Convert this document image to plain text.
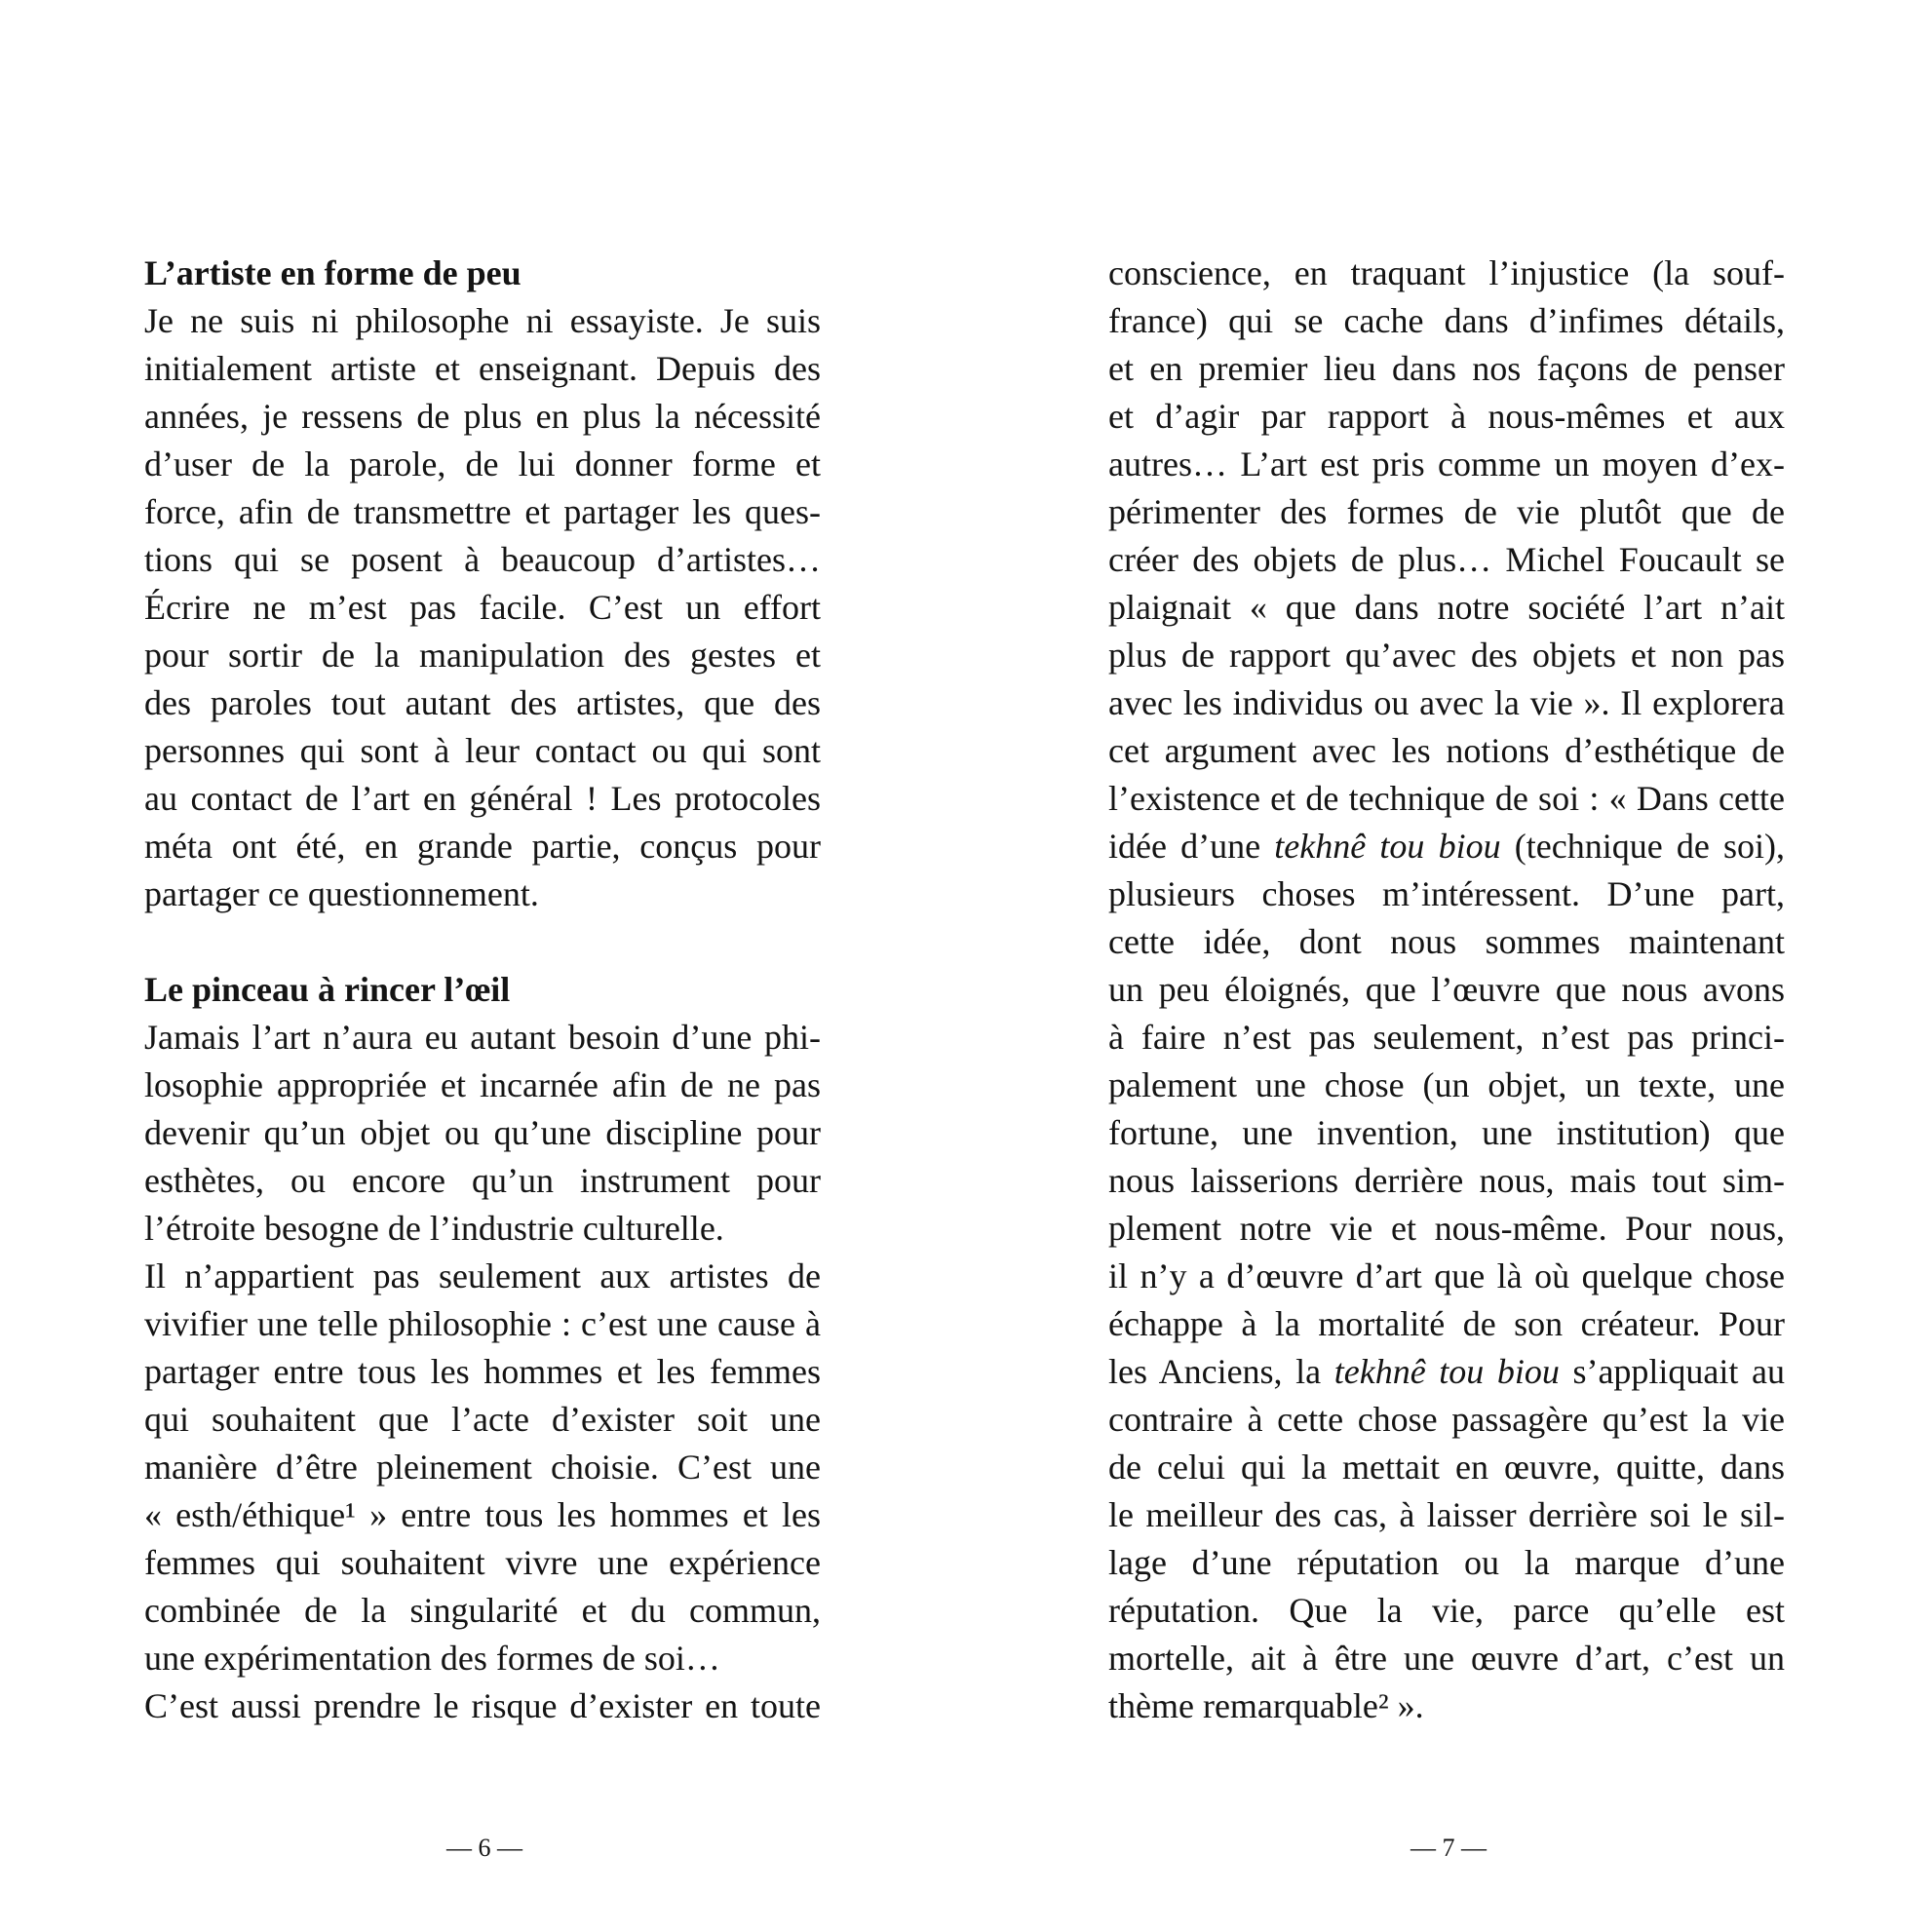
L’artiste en forme de peu
Je ne suis ni philosophe ni essayiste. Je suis
initialement artiste et enseignant. Depuis des
années, je ressens de plus en plus la nécessité
d’user de la parole, de lui donner forme et
force, afin de transmettre et partager les ques-
tions qui se posent à beaucoup d’artistes…
Écrire ne m’est pas facile. C’est un effort
pour sortir de la manipulation des gestes et
des paroles tout autant des artistes, que des
personnes qui sont à leur contact ou qui sont
au contact de l’art en général ! Les protocoles
méta ont été, en grande partie, conçus pour
partager ce questionnement.
Le pinceau à rincer l’œil
Jamais l’art n’aura eu autant besoin d’une phi-
losophie appropriée et incarnée afin de ne pas
devenir qu’un objet ou qu’une discipline pour
esthètes, ou encore qu’un instrument pour
l’étroite besogne de l’industrie culturelle.
Il n’appartient pas seulement aux artistes de
vivifier une telle philosophie : c’est une cause à
partager entre tous les hommes et les femmes
qui souhaitent que l’acte d’exister soit une
manière d’être pleinement choisie. C’est une
« esth/éthique¹ » entre tous les hommes et les
femmes qui souhaitent vivre une expérience
combinée de la singularité et du commun,
une expérimentation des formes de soi…
C’est aussi prendre le risque d’exister en toute
conscience, en traquant l’injustice (la souf-
france) qui se cache dans d’infimes détails,
et en premier lieu dans nos façons de penser
et d’agir par rapport à nous-mêmes et aux
autres… L’art est pris comme un moyen d’ex-
périmenter des formes de vie plutôt que de
créer des objets de plus… Michel Foucault se
plaignait « que dans notre société l’art n’ait
plus de rapport qu’avec des objets et non pas
avec les individus ou avec la vie ». Il explorera
cet argument avec les notions d’esthétique de
l’existence et de technique de soi : « Dans cette
idée d’une tekhnê tou biou (technique de soi),
plusieurs choses m’intéressent. D’une part,
cette idée, dont nous sommes maintenant
un peu éloignés, que l’œuvre que nous avons
à faire n’est pas seulement, n’est pas princi-
palement une chose (un objet, un texte, une
fortune, une invention, une institution) que
nous laisserions derrière nous, mais tout sim-
plement notre vie et nous-même. Pour nous,
il n’y a d’œuvre d’art que là où quelque chose
échappe à la mortalité de son créateur. Pour
les Anciens, la tekhnê tou biou s’appliquait au
contraire à cette chose passagère qu’est la vie
de celui qui la mettait en œuvre, quitte, dans
le meilleur des cas, à laisser derrière soi le sil-
lage d’une réputation ou la marque d’une
réputation. Que la vie, parce qu’elle est
mortelle, ait à être une œuvre d’art, c’est un
thème remarquable² ».
— 6 —	— 7 —
